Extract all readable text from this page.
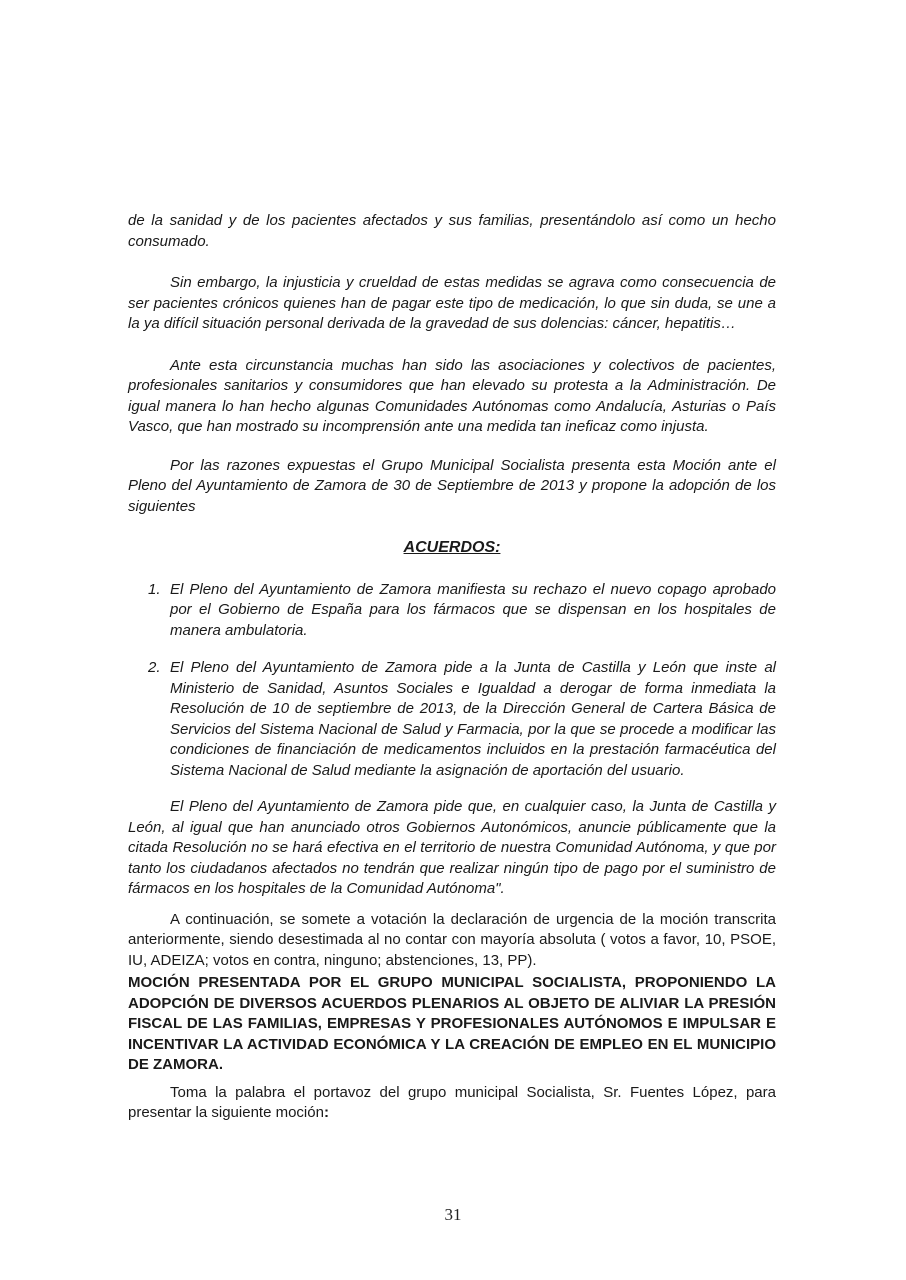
de la sanidad y de los pacientes afectados y sus familias, presentándolo así como un hecho consumado.

Sin embargo, la injusticia y crueldad de estas medidas se agrava como consecuencia de ser pacientes crónicos quienes han de pagar este tipo de medicación, lo que sin duda, se une a la ya difícil situación personal derivada de la gravedad de sus dolencias: cáncer, hepatitis…

Ante esta circunstancia muchas han sido las asociaciones y colectivos de pacientes, profesionales sanitarios y consumidores que han elevado su protesta a la Administración. De igual manera lo han hecho algunas Comunidades Autónomas como Andalucía, Asturias o País Vasco, que han mostrado su incomprensión ante una medida tan ineficaz como injusta.

Por las razones expuestas el Grupo Municipal Socialista presenta esta Moción ante el Pleno del Ayuntamiento de Zamora de 30 de Septiembre de 2013 y propone la adopción de los siguientes

ACUERDOS:
1. El Pleno del Ayuntamiento de Zamora manifiesta su rechazo el nuevo copago aprobado por el Gobierno de España para los fármacos que se dispensan en los hospitales de manera ambulatoria.
2. El Pleno del Ayuntamiento de Zamora pide a la Junta de Castilla y León que inste al Ministerio de Sanidad, Asuntos Sociales e Igualdad a derogar de forma inmediata la Resolución de 10 de septiembre de 2013, de la Dirección General de Cartera Básica de Servicios del Sistema Nacional de Salud y Farmacia, por la que se procede a modificar las condiciones de financiación de medicamentos incluidos en la prestación farmacéutica del Sistema Nacional de Salud mediante la asignación de aportación del usuario.

El Pleno del Ayuntamiento de Zamora pide que, en cualquier caso, la Junta de Castilla y León, al igual que han anunciado otros Gobiernos Autonómicos, anuncie públicamente que la citada Resolución no se hará efectiva en el territorio de nuestra Comunidad Autónoma, y que por tanto los ciudadanos afectados no tendrán que realizar ningún tipo de pago por el suministro de fármacos en los hospitales de la Comunidad Autónoma".

A continuación, se somete a votación la declaración de urgencia de la moción transcrita anteriormente, siendo desestimada al no contar con mayoría absoluta ( votos a favor, 10, PSOE, IU, ADEIZA; votos en contra, ninguno; abstenciones, 13, PP).

MOCIÓN PRESENTADA POR EL GRUPO MUNICIPAL SOCIALISTA, PROPONIENDO LA ADOPCIÓN DE DIVERSOS ACUERDOS PLENARIOS AL OBJETO DE ALIVIAR LA PRESIÓN FISCAL DE LAS FAMILIAS, EMPRESAS Y PROFESIONALES AUTÓNOMOS E IMPULSAR E INCENTIVAR LA ACTIVIDAD ECONÓMICA Y LA CREACIÓN DE EMPLEO EN EL MUNICIPIO DE ZAMORA.

Toma la palabra el portavoz del grupo municipal Socialista, Sr. Fuentes López, para presentar la siguiente moción:

31
